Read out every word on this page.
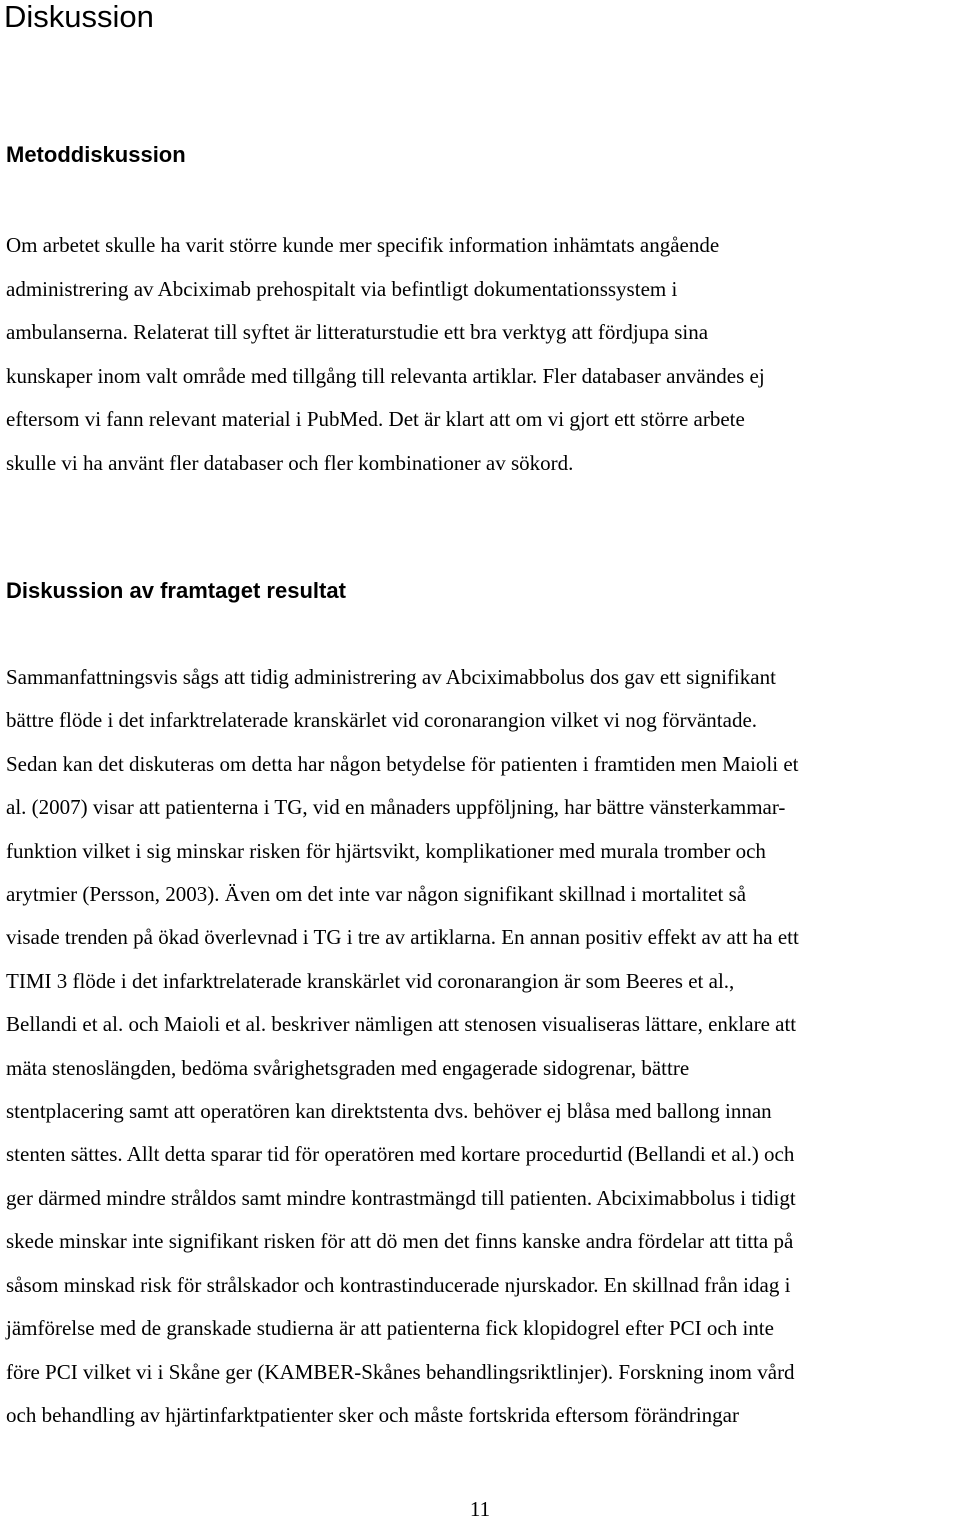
Diskussion
Metoddiskussion

Om arbetet skulle ha varit större kunde mer specifik information inhämtats angående
administrering av Abciximab prehospitalt via befintligt dokumentationssystem i
ambulanserna. Relaterat till syftet är litteraturstudie ett bra verktyg att fördjupa sina
kunskaper inom valt område med tillgång till relevanta artiklar. Fler databaser användes ej
eftersom vi fann relevant material i PubMed. Det är klart att om vi gjort ett större arbete
skulle vi ha använt fler databaser och fler kombinationer av sökord.

Diskussion av framtaget resultat

Sammanfattningsvis sågs att tidig administrering av Abciximabbolus dos gav ett signifikant
bättre flöde i det infarktrelaterade kranskärlet vid coronarangion vilket vi nog förväntade.
Sedan kan det diskuteras om detta har någon betydelse för patienten i framtiden men Maioli et
al. (2007) visar att patienterna i TG, vid en månaders uppföljning, har bättre vänsterkammar-
funktion vilket i sig minskar risken för hjärtsvikt, komplikationer med murala tromber och
arytmier (Persson, 2003). Även om det inte var någon signifikant skillnad i mortalitet så
visade trenden på ökad överlevnad i TG i tre av artiklarna. En annan positiv effekt av att ha ett
TIMI 3 flöde i det infarktrelaterade kranskärlet vid coronarangion är som Beeres et al.,
Bellandi et al. och Maioli et al. beskriver nämligen att stenosen visualiseras lättare, enklare att
mäta stenoslängden, bedöma svårighetsgraden med engagerade sidogrenar, bättre
stentplacering samt att operatören kan direktstenta dvs. behöver ej blåsa med ballong innan
stenten sättes. Allt detta sparar tid för operatören med kortare procedurtid (Bellandi et al.) och
ger därmed mindre stråldos samt mindre kontrastmängd till patienten. Abciximabbolus i tidigt
skede minskar inte signifikant risken för att dö men det finns kanske andra fördelar att titta på
såsom minskad risk för strålskador och kontrastinducerade njurskador. En skillnad från idag i
jämförelse med de granskade studierna är att patienterna fick klopidogrel efter PCI och inte
före PCI vilket vi i Skåne ger (KAMBER-Skånes behandlingsriktlinjer). Forskning inom vård
och behandling av hjärtinfarktpatienter sker och måste fortskrida eftersom förändringar

11
